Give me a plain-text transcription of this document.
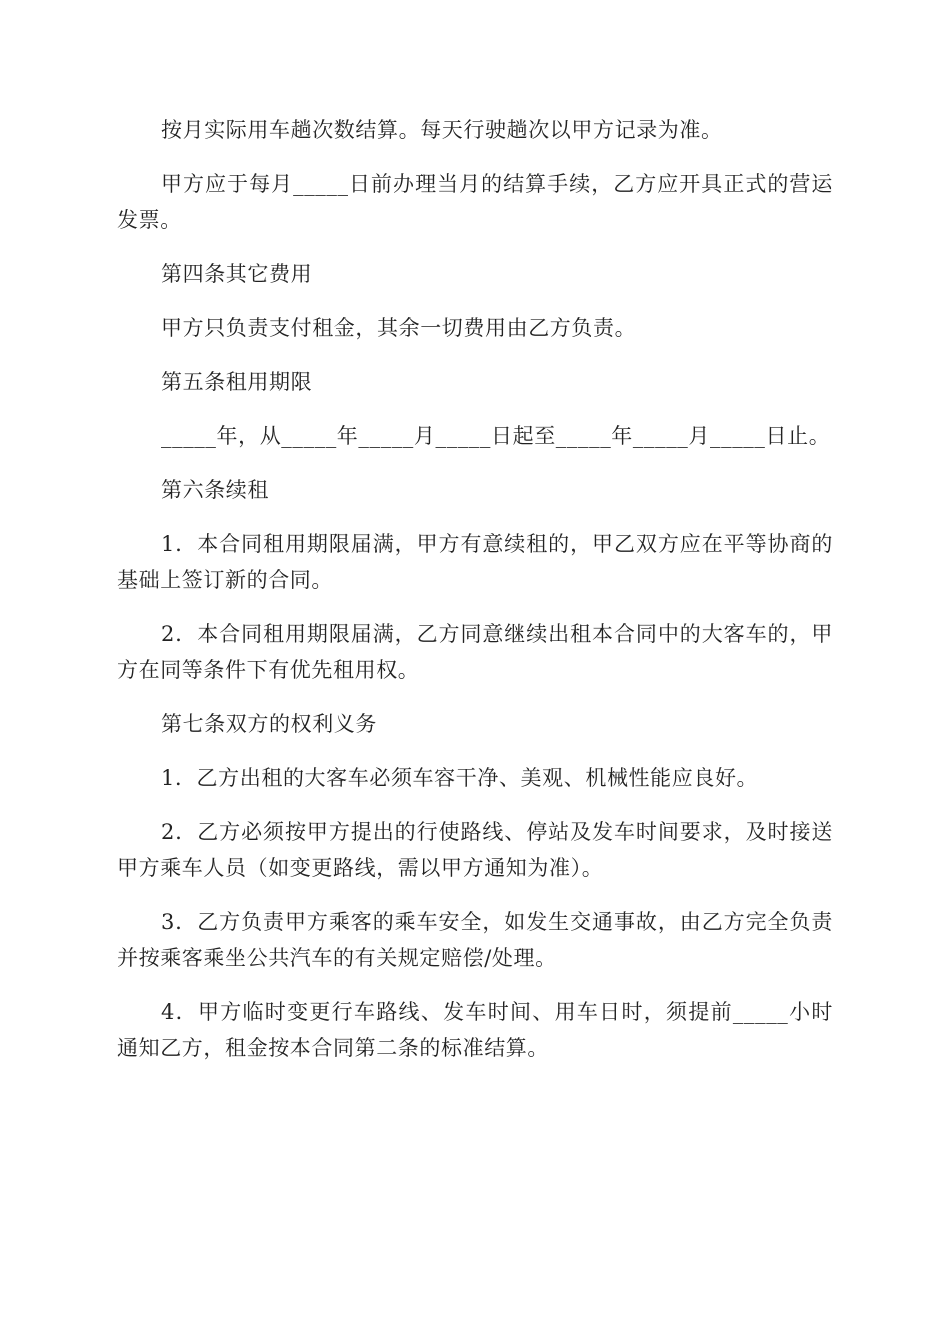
按月实际用车趟次数结算。每天行驶趟次以甲方记录为准。

甲方应于每月_____日前办理当月的结算手续，乙方应开具正式的营运发票。

第四条其它费用

甲方只负责支付租金，其余一切费用由乙方负责。

第五条租用期限

_____年，从_____年_____月_____日起至_____年_____月_____日止。

第六条续租

1．本合同租用期限届满，甲方有意续租的，甲乙双方应在平等协商的基础上签订新的合同。

2．本合同租用期限届满，乙方同意继续出租本合同中的大客车的，甲方在同等条件下有优先租用权。

第七条双方的权利义务

1．乙方出租的大客车必须车容干净、美观、机械性能应良好。

2．乙方必须按甲方提出的行使路线、停站及发车时间要求，及时接送甲方乘车人员（如变更路线，需以甲方通知为准）。

3．乙方负责甲方乘客的乘车安全，如发生交通事故，由乙方完全负责并按乘客乘坐公共汽车的有关规定赔偿/处理。

4．甲方临时变更行车路线、发车时间、用车日时，须提前_____小时通知乙方，租金按本合同第二条的标准结算。
